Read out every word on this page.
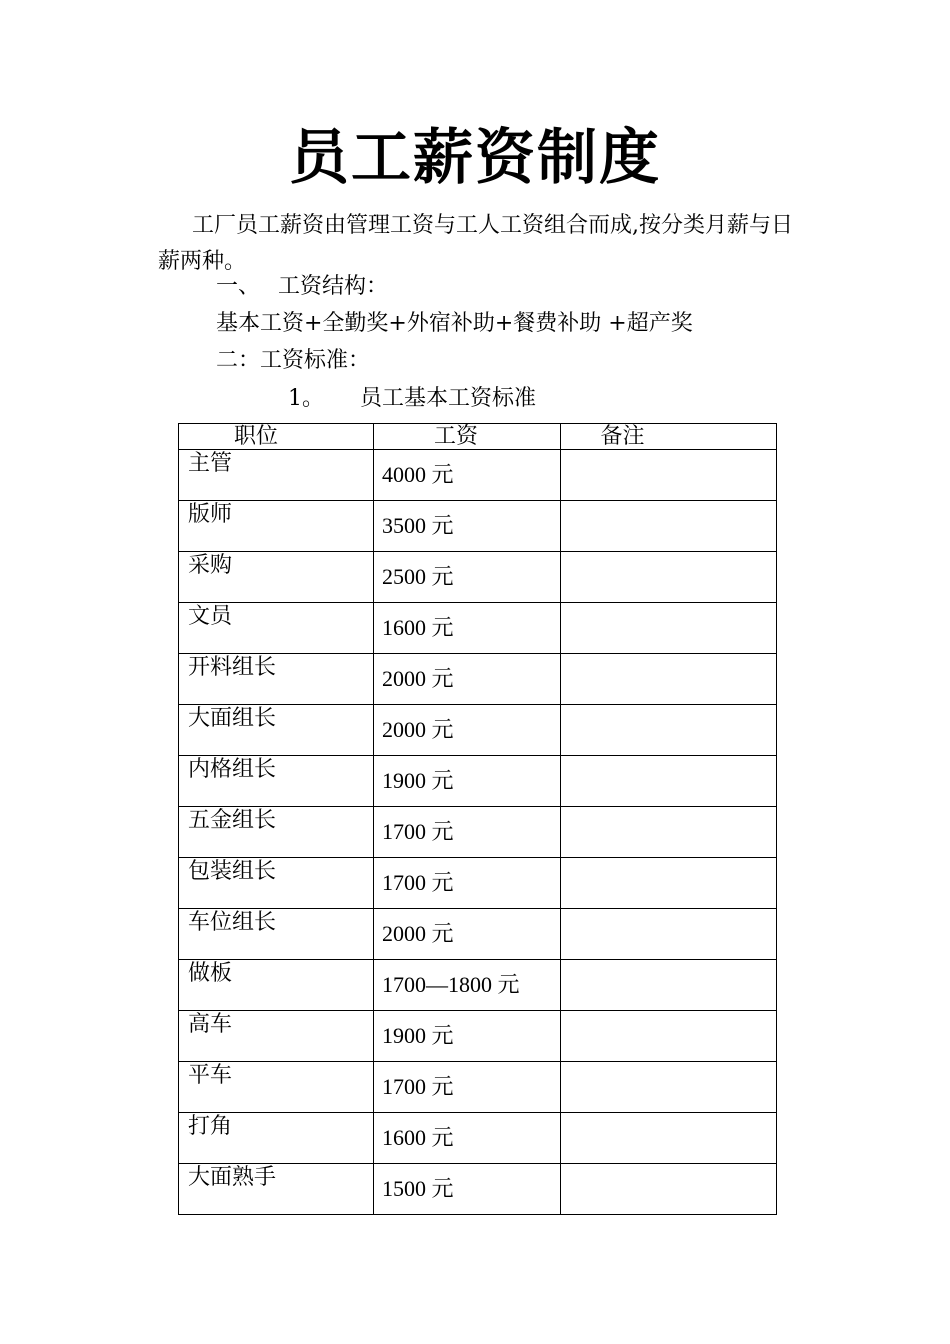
员工薪资制度
工厂员工薪资由管理工资与工人工资组合而成,按分类月薪与日薪两种。
一、 工资结构：
基本工资+全勤奖+外宿补助+餐费补助 +超产奖
二：工资标准：
1。 员工基本工资标准
职位	工资	备注
主管	4000 元	
版师	3500 元	
采购	2500 元	
文员	1600 元	
开料组长	2000 元	
大面组长	2000 元	
内格组长	1900 元	
五金组长	1700 元	
包装组长	1700 元	
车位组长	2000 元	
做板	1700—1800 元	
高车	1900 元	
平车	1700 元	
打角	1600 元	
大面熟手	1500 元	
